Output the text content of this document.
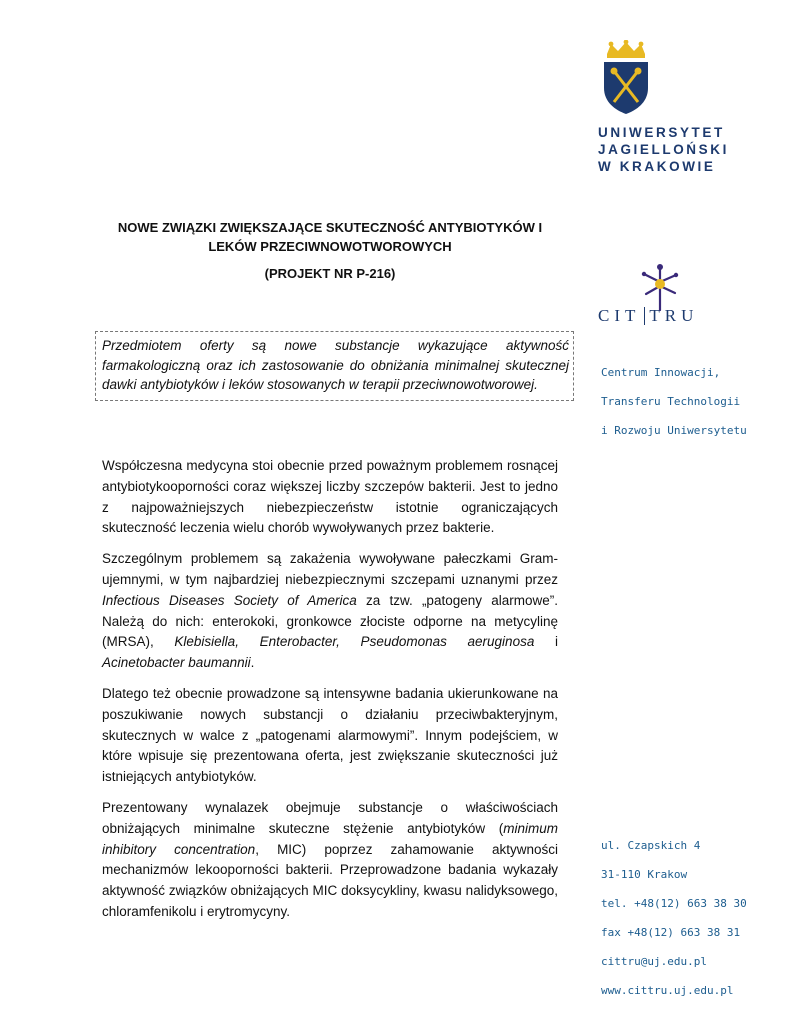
UNIWERSYTET
JAGIELLOŃSKI
W KRAKOWIE
CIT TRU
Centrum Innowacji,
Transferu Technologii
i Rozwoju Uniwersytetu
NOWE ZWIĄZKI ZWIĘKSZAJĄCE SKUTECZNOŚĆ ANTYBIOTYKÓW I LEKÓW PRZECIWNOWOTWOROWYCH
(PROJEKT NR P-216)
Przedmiotem oferty są nowe substancje wykazujące aktywność farmakologiczną oraz ich zastosowanie do obniżania minimalnej skutecznej dawki antybiotyków i leków stosowanych w terapii przeciwnowotworowej.

Współczesna medycyna stoi obecnie przed poważnym problemem rosnącej antybiotykooporności coraz większej liczby szczepów bakterii. Jest to jedno z najpoważniejszych niebezpieczeństw istotnie ograniczających skuteczność leczenia wielu chorób wywoływanych przez bakterie.

Szczególnym problemem są zakażenia wywoływane pałeczkami Gram-ujemnymi, w tym najbardziej niebezpiecznymi szczepami uznanymi przez Infectious Diseases Society of America za tzw. „patogeny alarmowe”. Należą do nich: enterokoki, gronkowce złociste odporne na metycylinę (MRSA), Klebisiella, Enterobacter, Pseudomonas aeruginosa i Acinetobacter baumannii.

Dlatego też obecnie prowadzone są intensywne badania ukierunkowane na poszukiwanie nowych substancji o działaniu przeciwbakteryjnym, skutecznych w walce z „patogenami alarmowymi”. Innym podejściem, w które wpisuje się prezentowana oferta, jest zwiększanie skuteczności już istniejących antybiotyków.

Prezentowany wynalazek obejmuje substancje o właściwościach obniżających minimalne skuteczne stężenie antybiotyków (minimum inhibitory concentration, MIC) poprzez zahamowanie aktywności mechanizmów lekooporności bakterii. Przeprowadzone badania wykazały aktywność związków obniżających MIC doksycykliny, kwasu nalidyksowego, chloramfenikolu i erytromycyny.

ul. Czapskich 4
31-110 Krakow
tel. +48(12) 663 38 30
fax +48(12) 663 38 31
cittru@uj.edu.pl
www.cittru.uj.edu.pl
